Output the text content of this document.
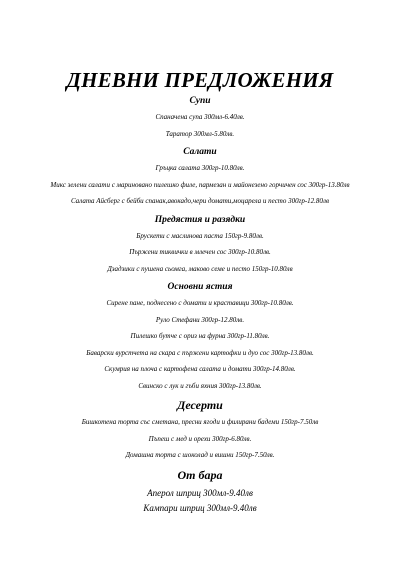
ДНЕВНИ ПРЕДЛОЖЕНИЯ
Супи
Спаначена супа 300мл-6.40лв.
Таратор 300мл-5.80лв.
Салати
Гръцка салата 300гр-10.80лв.
Микс зелени салати с мариновано пилешко филе, пармезан и майонезено горчичен сос 300гр-13.80лв
Салата Айсберг с бейби спанак,авокадо,чери домати,моцарела и песто 300гр-12.80лв
Предястия и разядки
Брускети с маслинова паста 150гр-9.80лв.
Пържени тиквички в млечен сос 300гр-10.80лв.
Дзадзики с пушена сьомга, маково семе и песто 150гр-10.80лв
Основни ястия
Сирене пане, поднесено с домати и краставици 300гр-10.80лв.
Руло Стефани 300гр-12.80лв.
Пилешко бутче с ориз на фурна 300гр-11.80лв.
Баварски вурстчета на скара с пържени картофки и дуо сос 300гр-13.80лв.
Скумрия на плоча с картофена салата и домати 300гр-14.80лв.
Свинско с лук и гъби яхния 300гр-13.80лв.
Десерти
Бишкотена торта със сметана, пресни ягоди и филирани бадеми 150гр-7.50лв
Пъпеш с мед и орехи 300гр-6.80лв.
Домашна торта с шоколад и вишни 150гр-7.50лв.
От бара
Аперол шприц 300мл-9.40лв
Кампари шприц 300мл-9.40лв
